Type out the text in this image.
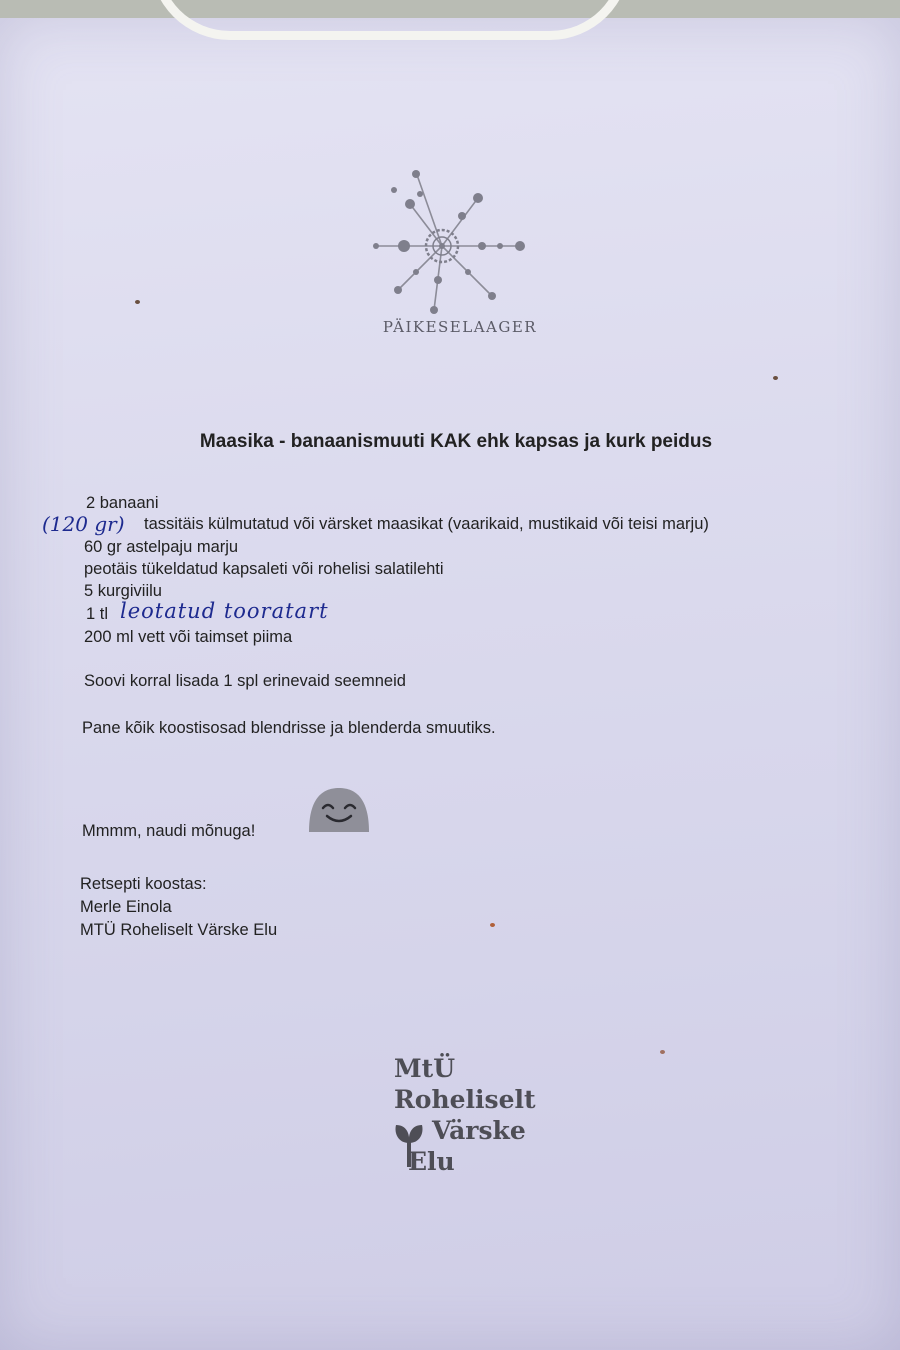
PÄIKESELAAGER
Maasika - banaanismuuti KAK ehk kapsas ja kurk peidus
2 banaani
(120 gr) tassitäis külmutatud või värsket maasikat (vaarikaid, mustikaid või teisi marju)
60 gr astelpaju marju
peotäis tükeldatud kapsaleti või rohelisi salatilehti
5 kurgiviilu
1 tl leotatud tooratart
200 ml vett või taimset piima
Soovi korral lisada 1 spl erinevaid seemneid
Pane kõik koostisosad blendrisse ja blenderda smuutiks.
Mmmm, naudi mõnuga!
Retsepti koostas:
Merle Einola
MTÜ Roheliselt Värske Elu
MtÜ
Roheliselt
Värske
Elu
